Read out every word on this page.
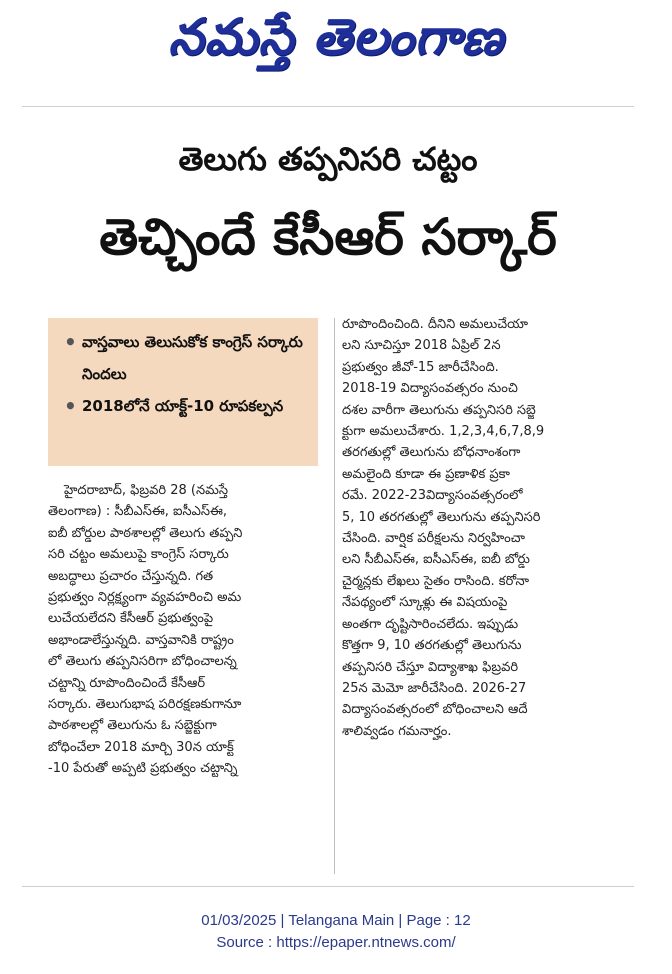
నమస్తే తెలంగాణ
తెలుగు తప్పనిసరి చట్టం
తెచ్చిందే కేసీఆర్ సర్కార్
• వాస్తవాలు తెలుసుకోక కాంగ్రెస్ సర్కారు నిందలు
• 2018లోనే యాక్ట్-10 రూపకల్పన
హైదరాబాద్, ఫిబ్రవరి 28 (నమస్తే
తెలంగాణ) : సీబీఎస్ఈ, ఐసీఎస్ఈ,
ఐబీ బోర్డుల పాఠశాలల్లో తెలుగు తప్పని
సరి చట్టం అమలుపై కాంగ్రెస్ సర్కారు
అబద్ధాలు ప్రచారం చేస్తున్నది. గత
ప్రభుత్వం నిర్లక్ష్యంగా వ్యవహరించి అమ
లుచేయలేదని కేసీఆర్ ప్రభుత్వంపై
అభాండాలేస్తున్నది. వాస్తవానికి రాష్ట్రం
లో తెలుగు తప్పనిసరిగా బోధించాలన్న
చట్టాన్ని రూపొందించిందే కేసీఆర్
సర్కారు. తెలుగుభాష పరిరక్షణకుగానూ
పాఠశాలల్లో తెలుగును ఓ సబ్జెక్టుగా
బోధించేలా 2018 మార్చి 30న యాక్ట్
-10 పేరుతో అప్పటి ప్రభుత్వం చట్టాన్ని
రూపొందించింది. దీనిని అమలుచేయా
లని సూచిస్తూ 2018 ఏప్రిల్ 2న
ప్రభుత్వం జీవో-15 జారీచేసింది.
2018-19 విద్యాసంవత్సరం నుంచి
దశల వారీగా తెలుగును తప్పనిసరి సబ్జె
క్టుగా అమలుచేశారు. 1,2,3,4,6,7,8,9
తరగతుల్లో తెలుగును బోధనాంశంగా
అమలైంది కూడా ఈ ప్రణాళిక ప్రకా
రమే. 2022-23విద్యాసంవత్సరంలో
5, 10 తరగతుల్లో తెలుగును తప్పనిసరి
చేసింది. వార్షిక పరీక్షలను నిర్వహించా
లని సీబీఎస్ఈ, ఐసీఎస్ఈ, ఐబీ బోర్డు
చైర్మన్లకు లేఖలు సైతం రాసింది. కరోనా
నేపథ్యంలో స్కూళ్లు ఈ విషయంపై
అంతగా దృష్టిసారించలేదు. ఇప్పుడు
కొత్తగా 9, 10 తరగతుల్లో తెలుగును
తప్పనిసరి చేస్తూ విద్యాశాఖ ఫిబ్రవరి
25న మెమో జారీచేసింది. 2026-27
విద్యాసంవత్సరంలో బోధించాలని ఆదే
శాలివ్వడం గమనార్హం.
01/03/2025 | Telangana Main | Page : 12
Source : https://epaper.ntnews.com/
